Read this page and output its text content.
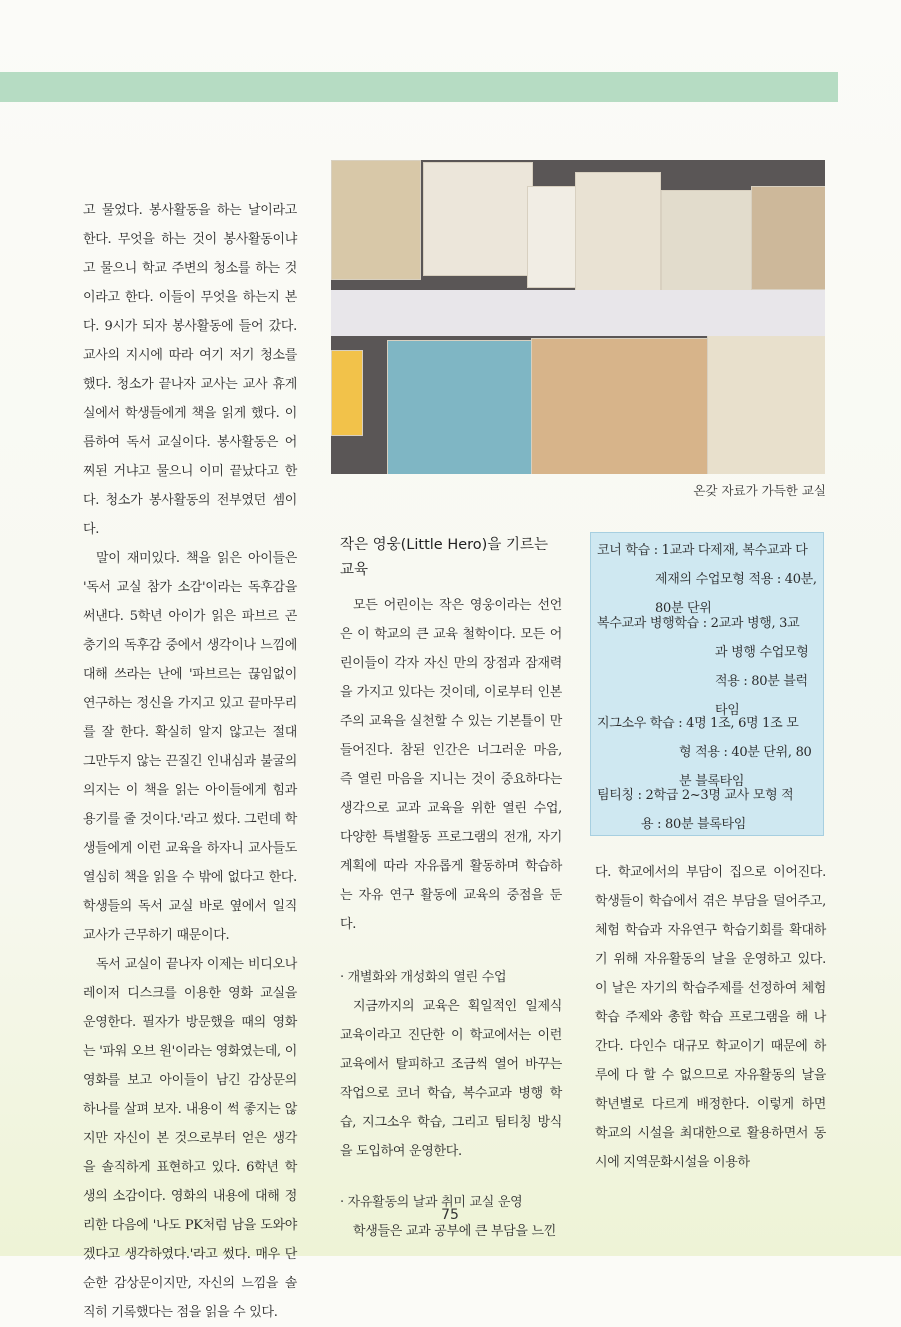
온갖 자료가 가득한 교실

고 물었다. 봉사활동을 하는 날이라고 한다. 무엇을 하는 것이 봉사활동이냐고 물으니 학교 주변의 청소를 하는 것이라고 한다. 이들이 무엇을 하는지 본다. 9시가 되자 봉사활동에 들어 갔다. 교사의 지시에 따라 여기 저기 청소를 했다. 청소가 끝나자 교사는 교사 휴게실에서 학생들에게 책을 읽게 했다. 이름하여 독서 교실이다. 봉사활동은 어찌된 거냐고 물으니 이미 끝났다고 한다. 청소가 봉사활동의 전부였던 셈이다.

말이 재미있다. 책을 읽은 아이들은 '독서 교실 참가 소감'이라는 독후감을 써낸다. 5학년 아이가 읽은 파브르 곤충기의 독후감 중에서 생각이나 느낌에 대해 쓰라는 난에 '파브르는 끊임없이 연구하는 정신을 가지고 있고 끝마무리를 잘 한다. 확실히 알지 않고는 절대 그만두지 않는 끈질긴 인내심과 불굴의 의지는 이 책을 읽는 아이들에게 힘과 용기를 줄 것이다.'라고 썼다. 그런데 학생들에게 이런 교육을 하자니 교사들도 열심히 책을 읽을 수 밖에 없다고 한다. 학생들의 독서 교실 바로 옆에서 일직 교사가 근무하기 때문이다.

독서 교실이 끝나자 이제는 비디오나 레이저 디스크를 이용한 영화 교실을 운영한다. 필자가 방문했을 때의 영화는 '파워 오브 원'이라는 영화였는데, 이 영화를 보고 아이들이 남긴 감상문의 하나를 살펴 보자. 내용이 썩 좋지는 않지만 자신이 본 것으로부터 얻은 생각을 솔직하게 표현하고 있다. 6학년 학생의 소감이다. 영화의 내용에 대해 정리한 다음에 '나도 PK처럼 남을 도와야 겠다고 생각하였다.'라고 썼다. 매우 단순한 감상문이지만, 자신의 느낌을 솔직히 기록했다는 점을 읽을 수 있다.

작은 영웅(Little Hero)을 기르는 교육

모든 어린이는 작은 영웅이라는 선언은 이 학교의 큰 교육 철학이다. 모든 어린이들이 각자 자신 만의 장점과 잠재력을 가지고 있다는 것이데, 이로부터 인본주의 교육을 실천할 수 있는 기본틀이 만들어진다. 참된 인간은 너그러운 마음, 즉 열린 마음을 지니는 것이 중요하다는 생각으로 교과 교육을 위한 열린 수업, 다양한 특별활동 프로그램의 전개, 자기 계획에 따라 자유롭게 활동하며 학습하는 자유 연구 활동에 교육의 중점을 둔다.

· 개별화와 개성화의 열린 수업

지금까지의 교육은 획일적인 일제식 교육이라고 진단한 이 학교에서는 이런 교육에서 탈피하고 조금씩 열어 바꾸는 작업으로 코너 학습, 복수교과 병행 학습, 지그소우 학습, 그리고 팀티칭 방식을 도입하여 운영한다.

· 자유활동의 날과 취미 교실 운영

학생들은 교과 공부에 큰 부담을 느낀

코너 학습 : 1교과 다제재, 복수교과 다
제재의 수업모형 적용 : 40분, 80분 단위
복수교과 병행학습 : 2교과 병행, 3교
과 병행 수업모형 적용 : 80분 블럭타임
지그소우 학습 : 4명 1조, 6명 1조 모
형 적용 : 40분 단위, 80분 블록타임
팀티칭 : 2학급 2~3명 교사 모형 적
용 : 80분 블록타임

다. 학교에서의 부담이 집으로 이어진다. 학생들이 학습에서 겪은 부담을 덜어주고, 체험 학습과 자유연구 학습기회를 확대하기 위해 자유활동의 날을 운영하고 있다. 이 날은 자기의 학습주제를 선정하여 체험 학습 주제와 총합 학습 프로그램을 해 나간다. 다인수 대규모 학교이기 때문에 하루에 다 할 수 없으므로 자유활동의 날을 학년별로 다르게 배정한다. 이렇게 하면 학교의 시설을 최대한으로 활용하면서 동시에 지역문화시설을 이용하

75
